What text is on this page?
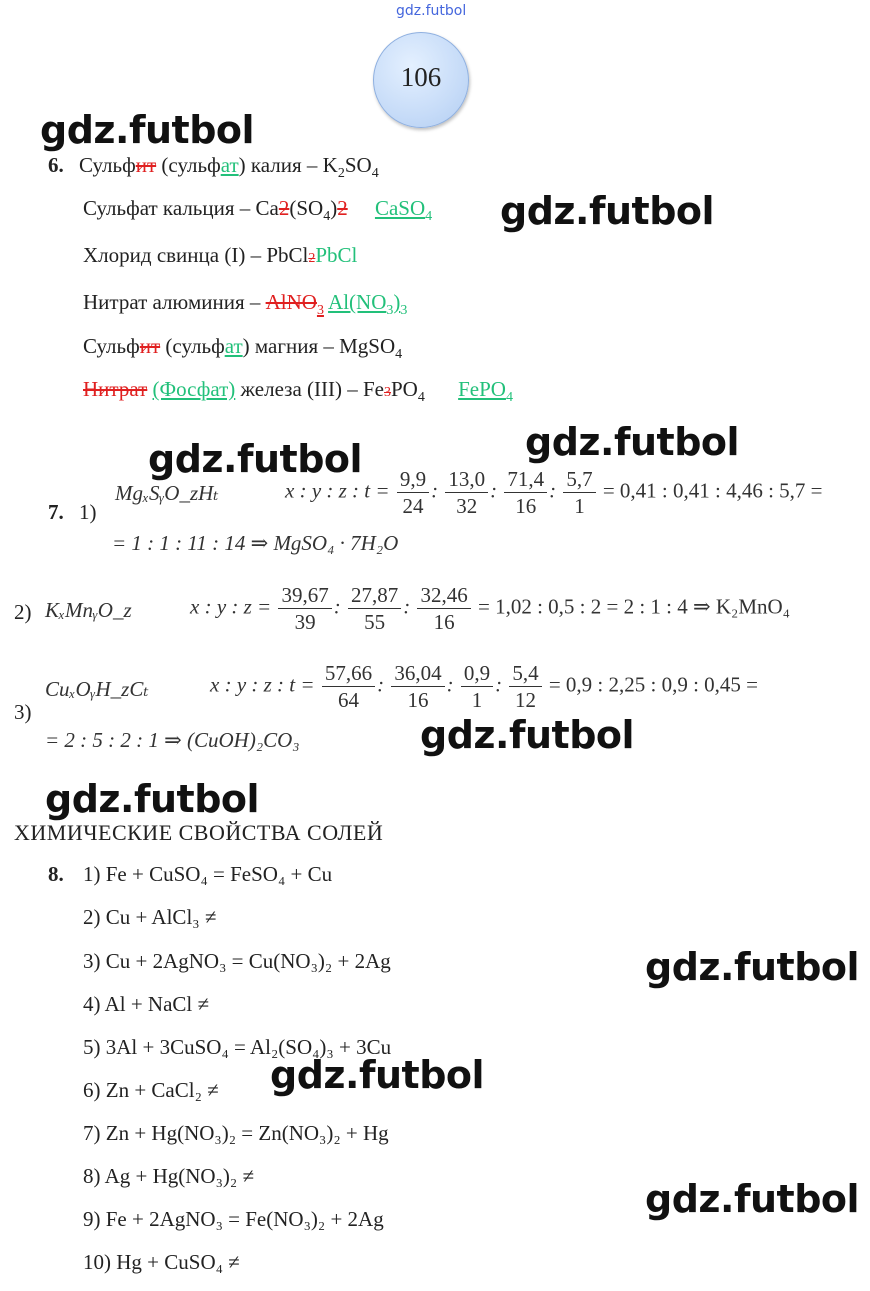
gdz.futbol
106
gdz.futbol
gdz.futbol
gdz.futbol
gdz.futbol
gdz.futbol
gdz.futbol
gdz.futbol
gdz.futbol
gdz.futbol
6. Сульфит (сульфат) калия – $K_2SO_4$
Сульфат кальция – $Ca2(SO_4)2$ CaSO$_4$
Хлорид свинца (I) – PbCl2PbCl
Нитрат алюминия – AlNO$_3$ $Al(NO_3)_3$
Сульфит (сульфат) магния – MgSO$_4$
Нитрат (Фосфат) железа $(III) - Fe3PO_4$ FePO$_4$
7. 1)
MgₓSᵧO_zHₜ	x : y : z : $t = \frac{9,9}{24}$ : $\frac{13,0}{32}$ : $\frac{71,4}{16}$ : $\frac{5,7}{1} = 0,41$ : 0,41 : 4,46 : 5,7 =
= 1 : 1 : 11 : 14 ⇒ MgSO₄ · 7H₂O
2) KₓMnᵧO_z	x : y : $z = \frac{39,67}{39}$ : $\frac{27,87}{55}$ : $\frac{32,46}{16} = 1,02$ : 0,5 : 2 = 2 : 1 : 4 ⇒ K₂MnO₄
CuₓOᵧH_zCₜ
3)
x : y : z : $t = \frac{57,66}{64}$ : $\frac{36,04}{16}$ : $\frac{0,9}{1}$ : $\frac{5,4}{12} = 0,9$ : 2,25 : 0,9 : 0,45 =
= 2 : 5 : 2 : 1 ⇒ (CuOH)₂CO₃
ХИМИЧЕСКИЕ СВОЙСТВА СОЛЕЙ
8. 1) Fe + CuSO₄ = FeSO₄ + Cu
2) Cu + AlCl₃ ≠
3) Cu + 2AgNO₃ = Cu(NO₃)₂ + 2Ag
4) Al + NaCl ≠
5) 3Al + 3CuSO₄ = Al₂(SO₄)₃ + 3Cu
6) Zn + CaCl₂ ≠
7) Zn + Hg(NO₃)₂ = Zn(NO₃)₂ + Hg
8) Ag + Hg(NO₃)₂ ≠
9) Fe + 2AgNO₃ = Fe(NO₃)₂ + 2Ag
10) Hg + CuSO₄ ≠
